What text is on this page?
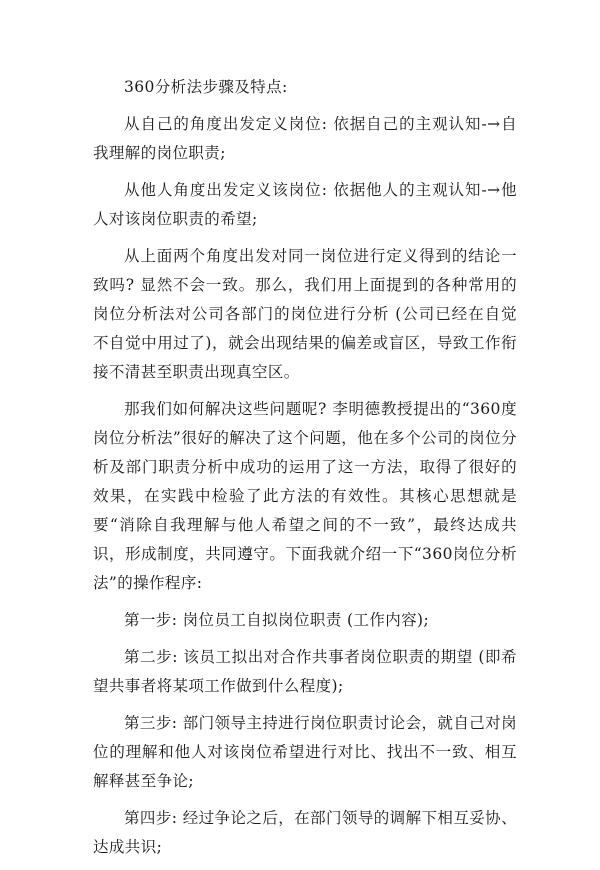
360分析法步骤及特点:

从自己的角度出发定义岗位: 依据自己的主观认知-→自我理解的岗位职责;

从他人角度出发定义该岗位: 依据他人的主观认知-→他人对该岗位职责的希望;

从上面两个角度出发对同一岗位进行定义得到的结论一致吗? 显然不会一致。那么，我们用上面提到的各种常用的岗位分析法对公司各部门的岗位进行分析 (公司已经在自觉不自觉中用过了)，就会出现结果的偏差或盲区，导致工作衔接不清甚至职责出现真空区。

那我们如何解决这些问题呢? 李明德教授提出的“360度岗位分析法”很好的解决了这个问题，他在多个公司的岗位分析及部门职责分析中成功的运用了这一方法，取得了很好的效果，在实践中检验了此方法的有效性。其核心思想就是要“消除自我理解与他人希望之间的不一致”，最终达成共识，形成制度，共同遵守。下面我就介绍一下“360岗位分析法”的操作程序:

第一步: 岗位员工自拟岗位职责 (工作内容);

第二步: 该员工拟出对合作共事者岗位职责的期望 (即希望共事者将某项工作做到什么程度);

第三步: 部门领导主持进行岗位职责讨论会，就自己对岗位的理解和他人对该岗位希望进行对比、找出不一致、相互解释甚至争论;

第四步: 经过争论之后，在部门领导的调解下相互妥协、达成共识;
